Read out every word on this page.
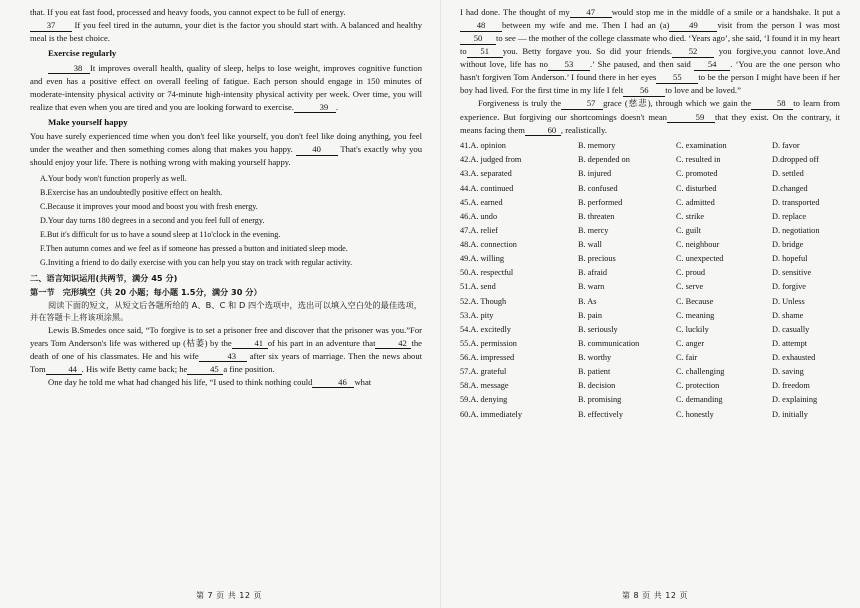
that. If you eat fast food, processed and heavy foods, you cannot expect to be full of energy.

37 If you feel tired in the autumn, your diet is the factor you should start with. A balanced and healthy meal is the best choice.

Exercise regularly

38 It improves overall health, quality of sleep, helps to lose weight, improves cognitive function and even has a positive effect on overall feeling of fatigue. Each person should engage in 150 minutes of moderate-intensity physical activity or 74-minute high-intensity physical activity per week. Over time, you will realize that even when you are tired and you are looking forward to exercise.	39 .

Make yourself happy

You have surely experienced time when you don't feel like yourself, you don't feel like doing anything, you feel under the weather and then something comes along that makes you happy. 40 That's exactly why you should enjoy your life. There is nothing wrong with making yourself happy.

A.Your body won't function properly as well.
B.Exercise has an undoubtedly positive effect on health.
C.Because it improves your mood and boost you with fresh energy.
D.Your day turns 180 degrees in a second and you feel full of energy.
E.But it's difficult for us to have a sound sleep at 11o'clock in the evening.
F.Then autumn comes and we feel as if someone has pressed a button and initiated sleep mode.
G.Inviting a friend to do daily exercise with you can help you stay on track with regular activity.
二、语言知识运用(共两节，满分 45 分)
第一节　完形填空（共 20 小题；每小题 1.5分，满分 30 分）

阅读下面的短文，从短文后各题所给的 A、B、C 和 D 四个选项中，选出可以填入空白处的最佳选项，并在答题卡上将该项涂黑。

Lewis B.Smedes once said, “To forgive is to set a prisoner free and discover that the prisoner was you.”For years Tom Anderson's life was withered up (枯萎) by the	41 of his part in an adventure that	42 the death of one of his classmates. He and his wife	43 after six years of marriage. Then the news about Tom	44 . His wife Betty came back; he	45 a fine position.

One day he told me what had changed his life, “I used to think nothing could	46 what

第 7 页 共 12 页

I had done. The thought of my 47 would stop me in the middle of a smile or a handshake. It put a48 between my wife and me. Then I had an (a) 49 visit from the person I was most50 to see — the mother of the college classmate who died. ‘Years ago’, she said, ‘I found it in my heart to 51 you. Betty forgave you. So did your friends. 52 you forgive,you cannot love.And without love, life has no 53 .’ She paused, and then said 54 . ‘You are the one person who hasn't forgiven Tom Anderson.’ I found there in her eyes 55 to be the person I might have been if her boy had lived. For the first time in my life I felt 56 to love and be loved.”

Forgiveness is truly the	57 grace (慈悲), through which we gain the	58 to learn from experience. But forgiving our shortcomings doesn't mean	59 that they exist. On the contrary, it means facing them	60 , realistically.

41.A. opinion	B. memory	C. examination	D. favor
42.A. judged from	B. depended on	C. resulted in	D.dropped off
43.A. separated	B. injured	C. promoted	D. settled
44.A. continued	B. confused	C. disturbed	D.changed
45.A. earned	B. performed	C. admitted	D. transported
46.A. undo	B. threaten	C. strike	D. replace
47.A. relief	B. mercy	C. guilt	D. negotiation
48.A. connection	B. wall	C. neighbour	D. bridge
49.A. willing	B. precious	C. unexpected	D. hopeful
50.A. respectful	B. afraid	C. proud	D. sensitive
51.A. send	B. warn	C. serve	D. forgive
52.A. Though	B. As	C. Because	D. Unless
53.A. pity	B. pain	C. meaning	D. shame
54.A. excitedly	B. seriously	C. luckily	D. casually
55.A. permission	B. communication	C. anger	D. attempt
56.A. impressed	B. worthy	C. fair	D. exhausted
57.A. grateful	B. patient	C. challenging	D. saving
58.A. message	B. decision	C. protection	D. freedom
59.A. denying	B. promising	C. demanding	D. explaining
60.A. immediately	B. effectively	C. honestly	D. initially
第 8 页 共 12 页
